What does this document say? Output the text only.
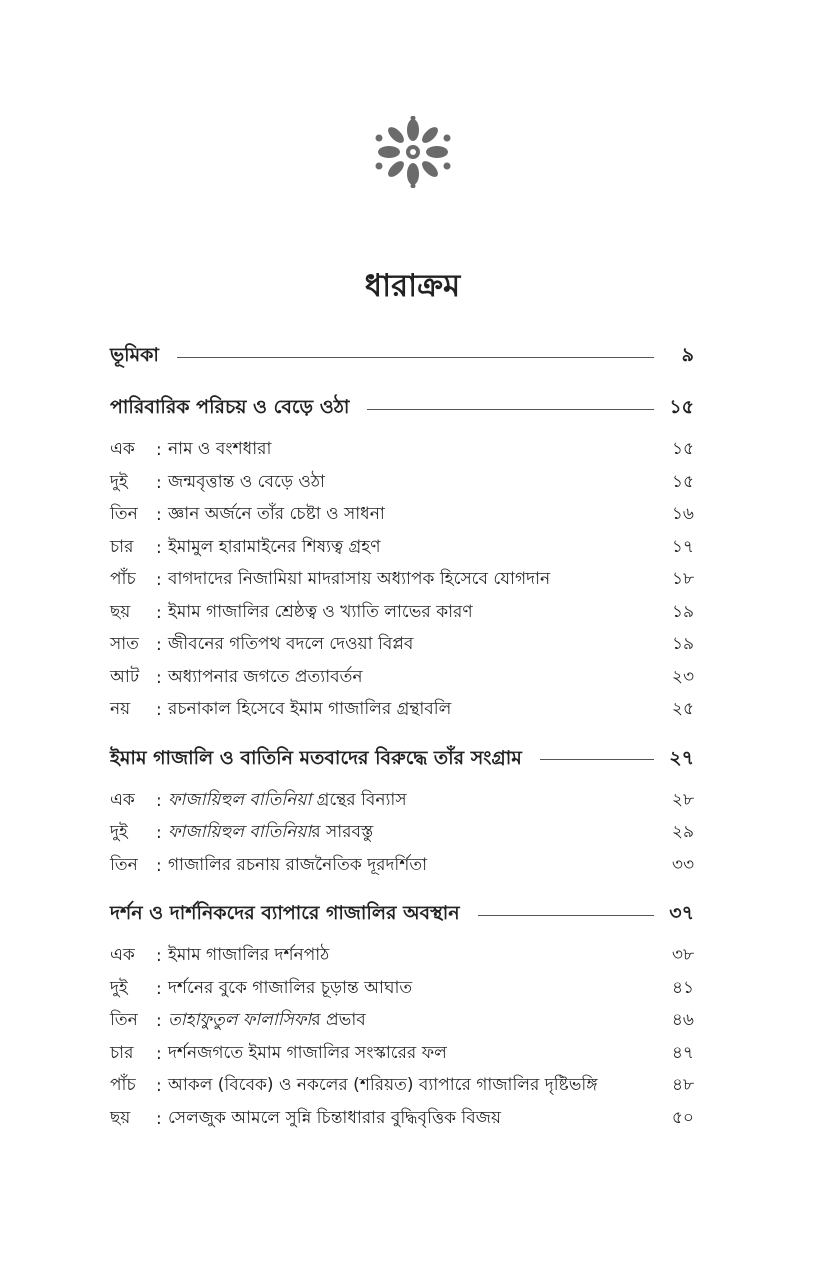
ধারাক্রম
ভূমিকা	৯
পারিবারিক পরিচয় ও বেড়ে ওঠা	১৫
এক	: নাম ও বংশধারা	১৫
দুই	: জন্মবৃত্তান্ত ও বেড়ে ওঠা	১৫
তিন	: জ্ঞান অর্জনে তাঁর চেষ্টা ও সাধনা	১৬
চার	: ইমামুল হারামাইনের শিষ্যত্ব গ্রহণ	১৭
পাঁচ	: বাগদাদের নিজামিয়া মাদরাসায় অধ্যাপক হিসেবে যোগদান	১৮
ছয়	: ইমাম গাজালির শ্রেষ্ঠত্ব ও খ্যাতি লাভের কারণ	১৯
সাত	: জীবনের গতিপথ বদলে দেওয়া বিপ্লব	১৯
আট : অধ্যাপনার জগতে প্রত্যাবর্তন	২৩
নয়	: রচনাকাল হিসেবে ইমাম গাজালির গ্রন্থাবলি	২৫
ইমাম গাজালি ও বাতিনি মতবাদের বিরুদ্ধে তাঁর সংগ্রাম	২৭
এক	: ফাজায়িহুল বাতিনিয়া গ্রন্থের বিন্যাস	২৮
দুই	: ফাজায়িহুল বাতিনিয়ার সারবস্তু	২৯
তিন	: গাজালির রচনায় রাজনৈতিক দূরদর্শিতা	৩৩
দর্শন ও দার্শনিকদের ব্যাপারে গাজালির অবস্থান	৩৭
এক	: ইমাম গাজালির দর্শনপাঠ	৩৮
দুই	: দর্শনের বুকে গাজালির চূড়ান্ত আঘাত	৪১
তিন	: তাহাফুতুল ফালাসিফার প্রভাব	৪৬
চার	: দর্শনজগতে ইমাম গাজালির সংস্কারের ফল	৪৭
পাঁচ	: আকল (বিবেক) ও নকলের (শরিয়ত) ব্যাপারে গাজালির দৃষ্টিভঙ্গি	৪৮
ছয়	: সেলজুক আমলে সুন্নি চিন্তাধারার বুদ্ধিবৃত্তিক বিজয়	৫০
